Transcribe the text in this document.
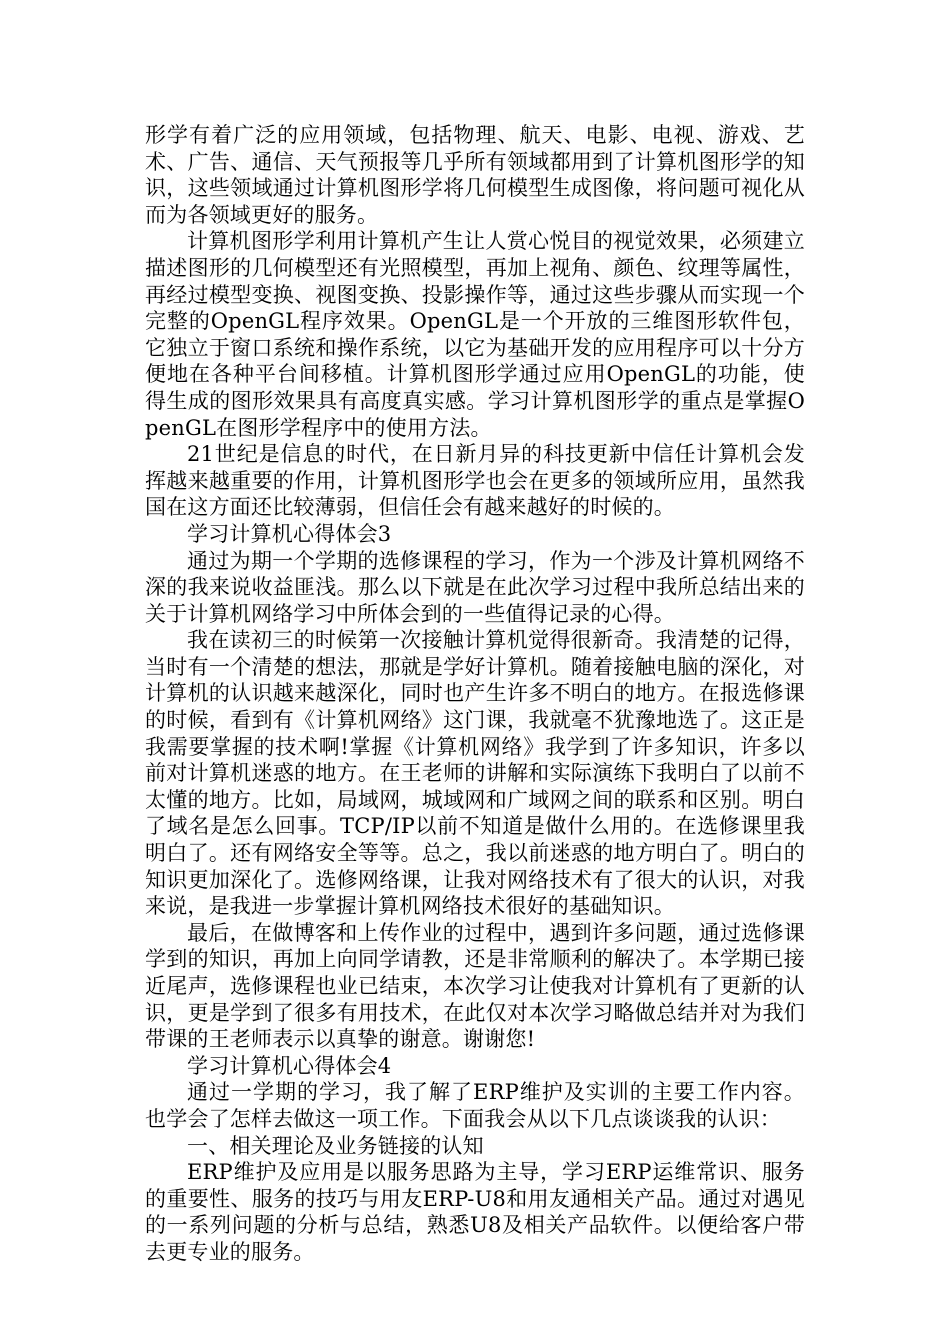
形学有着广泛的应用领域，包括物理、航天、电影、电视、游戏、艺术、广告、通信、天气预报等几乎所有领域都用到了计算机图形学的知识，这些领域通过计算机图形学将几何模型生成图像，将问题可视化从而为各领域更好的服务。

计算机图形学利用计算机产生让人赏心悦目的视觉效果，必须建立描述图形的几何模型还有光照模型，再加上视角、颜色、纹理等属性，再经过模型变换、视图变换、投影操作等，通过这些步骤从而实现一个完整的OpenGL程序效果。OpenGL是一个开放的三维图形软件包，它独立于窗口系统和操作系统，以它为基础开发的应用程序可以十分方便地在各种平台间移植。计算机图形学通过应用OpenGL的功能，使得生成的图形效果具有高度真实感。学习计算机图形学的重点是掌握OpenGL在图形学程序中的使用方法。

21世纪是信息的时代，在日新月异的科技更新中信任计算机会发挥越来越重要的作用，计算机图形学也会在更多的领域所应用，虽然我国在这方面还比较薄弱，但信任会有越来越好的时候的。

学习计算机心得体会3

通过为期一个学期的选修课程的学习，作为一个涉及计算机网络不深的我来说收益匪浅。那么以下就是在此次学习过程中我所总结出来的关于计算机网络学习中所体会到的一些值得记录的心得。

我在读初三的时候第一次接触计算机觉得很新奇。我清楚的记得，当时有一个清楚的想法，那就是学好计算机。随着接触电脑的深化，对计算机的认识越来越深化，同时也产生许多不明白的地方。在报选修课的时候，看到有《计算机网络》这门课，我就毫不犹豫地选了。这正是我需要掌握的技术啊!掌握《计算机网络》我学到了许多知识，许多以前对计算机迷惑的地方。在王老师的讲解和实际演练下我明白了以前不太懂的地方。比如，局域网，城域网和广域网之间的联系和区别。明白了域名是怎么回事。TCP/IP以前不知道是做什么用的。在选修课里我明白了。还有网络安全等等。总之，我以前迷惑的地方明白了。明白的知识更加深化了。选修网络课，让我对网络技术有了很大的认识，对我来说，是我进一步掌握计算机网络技术很好的基础知识。

最后，在做博客和上传作业的过程中，遇到许多问题，通过选修课学到的知识，再加上向同学请教，还是非常顺利的解决了。本学期已接近尾声，选修课程也业已结束，本次学习让使我对计算机有了更新的认识，更是学到了很多有用技术，在此仅对本次学习略做总结并对为我们带课的王老师表示以真挚的谢意。谢谢您!

学习计算机心得体会4

通过一学期的学习，我了解了ERP维护及实训的主要工作内容。也学会了怎样去做这一项工作。下面我会从以下几点谈谈我的认识：

一、相关理论及业务链接的认知

ERP维护及应用是以服务思路为主导，学习ERP运维常识、服务的重要性、服务的技巧与用友ERP-U8和用友通相关产品。通过对遇见的一系列问题的分析与总结，熟悉U8及相关产品软件。以便给客户带去更专业的服务。
